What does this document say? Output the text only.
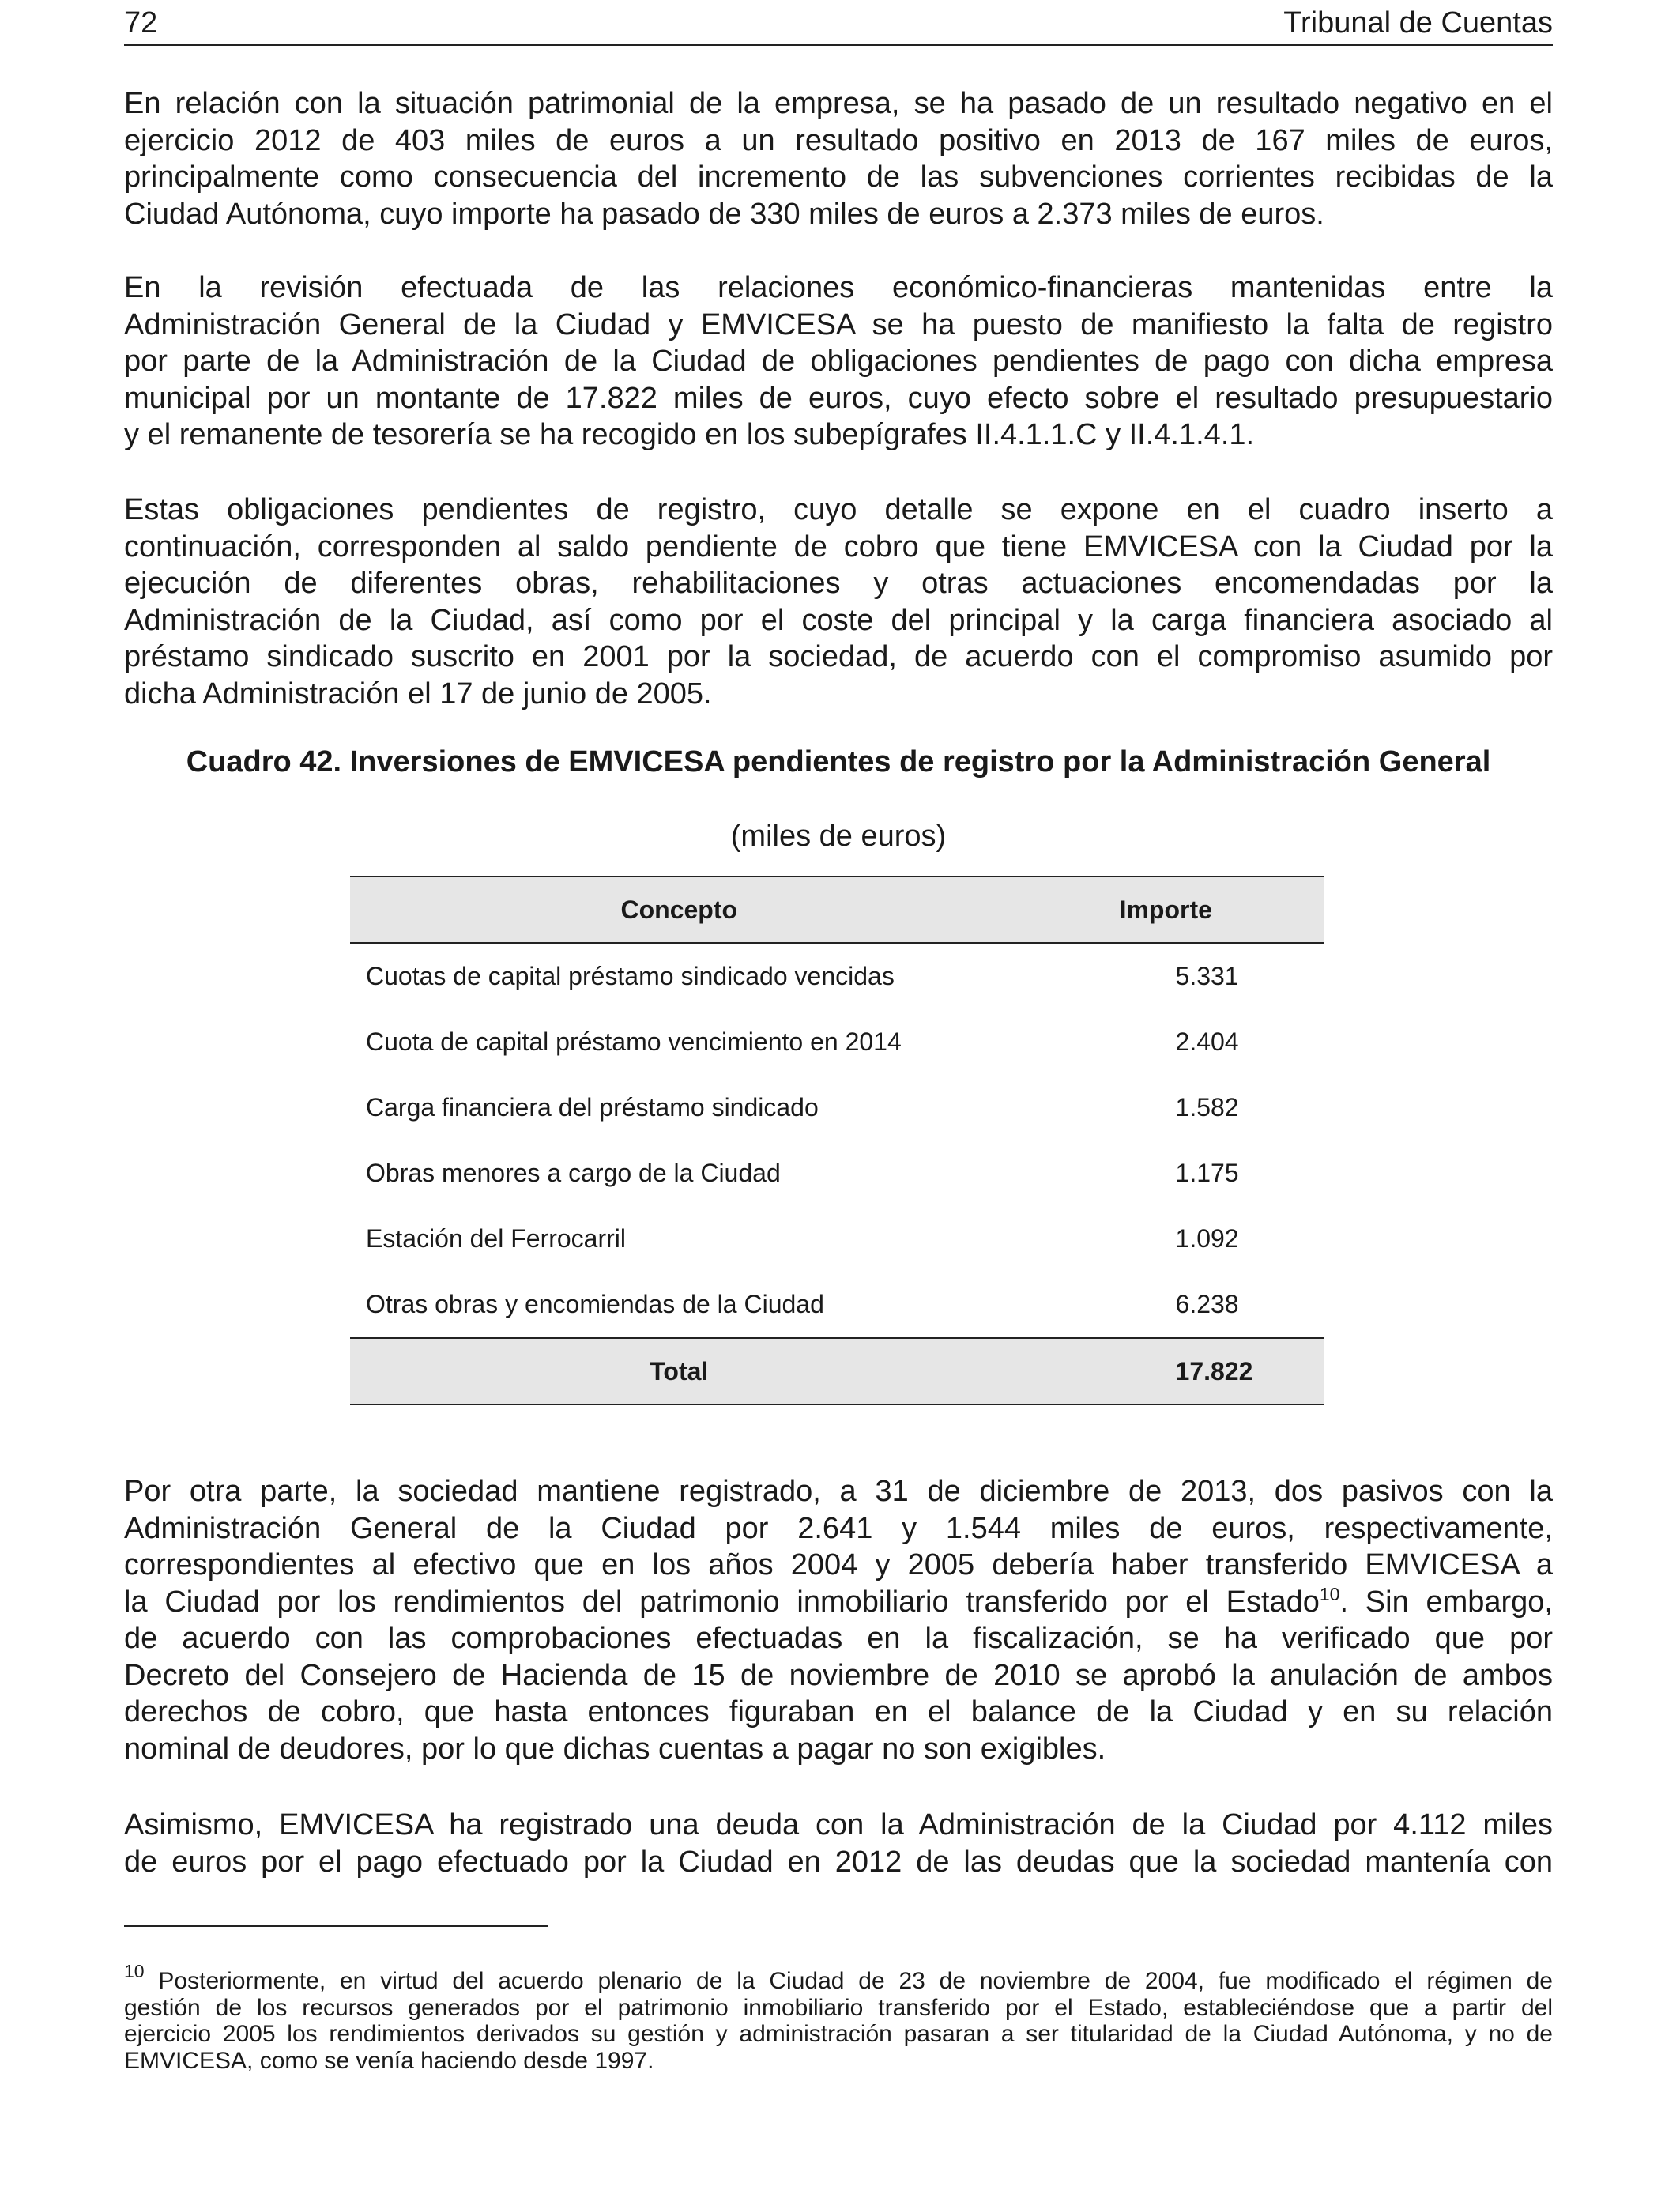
72	Tribunal de Cuentas
En relación con la situación patrimonial de la empresa, se ha pasado de un resultado negativo en el
ejercicio 2012 de 403 miles de euros a un resultado positivo en 2013 de 167 miles de euros,
principalmente como consecuencia del incremento de las subvenciones corrientes recibidas de la
Ciudad Autónoma, cuyo importe ha pasado de 330 miles de euros a 2.373 miles de euros.
En la revisión efectuada de las relaciones económico-financieras mantenidas entre la
Administración General de la Ciudad y EMVICESA se ha puesto de manifiesto la falta de registro
por parte de la Administración de la Ciudad de obligaciones pendientes de pago con dicha empresa
municipal por un montante de 17.822 miles de euros, cuyo efecto sobre el resultado presupuestario
y el remanente de tesorería se ha recogido en los subepígrafes II.4.1.1.C y II.4.1.4.1.
Estas obligaciones pendientes de registro, cuyo detalle se expone en el cuadro inserto a
continuación, corresponden al saldo pendiente de cobro que tiene EMVICESA con la Ciudad por la
ejecución de diferentes obras, rehabilitaciones y otras actuaciones encomendadas por la
Administración de la Ciudad, así como por el coste del principal y la carga financiera asociado al
préstamo sindicado suscrito en 2001 por la sociedad, de acuerdo con el compromiso asumido por
dicha Administración el 17 de junio de 2005.

Cuadro 42. Inversiones de EMVICESA pendientes de registro por la Administración General

(miles de euros)

Concepto	Importe
Cuotas de capital préstamo sindicado vencidas	5.331
Cuota de capital préstamo vencimiento en 2014	2.404
Carga financiera del préstamo sindicado	1.582
Obras menores a cargo de la Ciudad	1.175
Estación del Ferrocarril	1.092
Otras obras y encomiendas de la Ciudad	6.238
Total	17.822
Por otra parte, la sociedad mantiene registrado, a 31 de diciembre de 2013, dos pasivos con la
Administración General de la Ciudad por 2.641 y 1.544 miles de euros, respectivamente,
correspondientes al efectivo que en los años 2004 y 2005 debería haber transferido EMVICESA a
la Ciudad por los rendimientos del patrimonio inmobiliario transferido por el Estado$^{10}$. Sin embargo,
de acuerdo con las comprobaciones efectuadas en la fiscalización, se ha verificado que por
Decreto del Consejero de Hacienda de 15 de noviembre de 2010 se aprobó la anulación de ambos
derechos de cobro, que hasta entonces figuraban en el balance de la Ciudad y en su relación
nominal de deudores, por lo que dichas cuentas a pagar no son exigibles.
Asimismo, EMVICESA ha registrado una deuda con la Administración de la Ciudad por 4.112 miles
de euros por el pago efectuado por la Ciudad en 2012 de las deudas que la sociedad mantenía con
$^{10}$ Posteriormente, en virtud del acuerdo plenario de la Ciudad de 23 de noviembre de 2004, fue modificado el régimen de
gestión de los recursos generados por el patrimonio inmobiliario transferido por el Estado, estableciéndose que a partir del
ejercicio 2005 los rendimientos derivados su gestión y administración pasaran a ser titularidad de la Ciudad Autónoma, y no de
EMVICESA, como se venía haciendo desde 1997.
